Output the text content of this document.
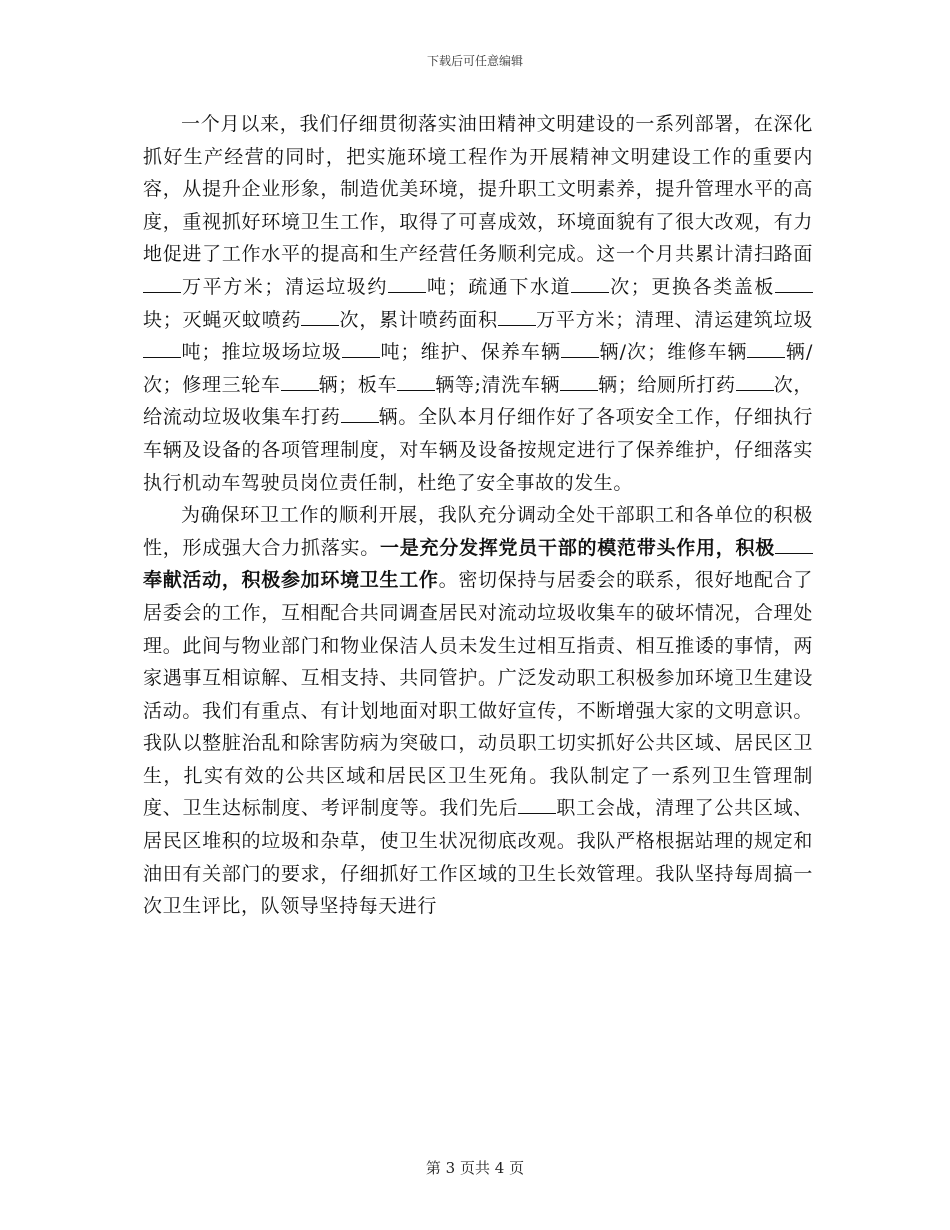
下载后可任意编辑

一个月以来，我们仔细贯彻落实油田精神文明建设的一系列部署，在深化抓好生产经营的同时，把实施环境工程作为开展精神文明建设工作的重要内容，从提升企业形象，制造优美环境，提升职工文明素养，提升管理水平的高度，重视抓好环境卫生工作，取得了可喜成效，环境面貌有了很大改观，有力地促进了工作水平的提高和生产经营任务顺利完成。这一个月共累计清扫路面万平方米；清运垃圾约 吨；疏通下水道 次；更换各类盖板块；灭蝇灭蚊喷药 次，累计喷药面积 万平方米；清理、清运建筑垃圾吨；推垃圾场垃圾 吨；维护、保养车辆 辆/次；维修车辆 辆/次；修理三轮车 辆；板车 辆等;清洗车辆 辆；给厕所打药 次，给流动垃圾收集车打药 辆。全队本月仔细作好了各项安全工作，仔细执行车辆及设备的各项管理制度，对车辆及设备按规定进行了保养维护，仔细落实执行机动车驾驶员岗位责任制，杜绝了安全事故的发生。

为确保环卫工作的顺利开展，我队充分调动全处干部职工和各单位的积极性，形成强大合力抓落实。一是充分发挥党员干部的模范带头作用，积极奉献活动，积极参加环境卫生工作。密切保持与居委会的联系，很好地配合了居委会的工作，互相配合共同调查居民对流动垃圾收集车的破坏情况，合理处理。此间与物业部门和物业保洁人员未发生过相互指责、相互推诿的事情，两家遇事互相谅解、互相支持、共同管护。广泛发动职工积极参加环境卫生建设活动。我们有重点、有计划地面对职工做好宣传，不断增强大家的文明意识。我队以整脏治乱和除害防病为突破口，动员职工切实抓好公共区域、居民区卫生，扎实有效的公共区域和居民区卫生死角。我队制定了一系列卫生管理制度、卫生达标制度、考评制度等。我们先后 职工会战，清理了公共区域、居民区堆积的垃圾和杂草，使卫生状况彻底改观。我队严格根据站理的规定和油田有关部门的要求，仔细抓好工作区域的卫生长效管理。我队坚持每周搞一次卫生评比，队领导坚持每天进行

第 3 页共 4 页
